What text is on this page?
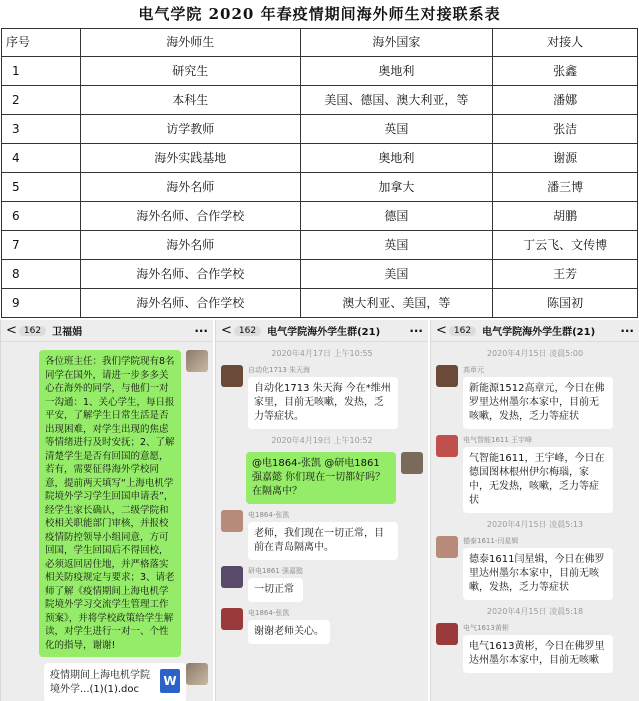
电气学院 2020 年春疫情期间海外师生对接联系表
序号	海外师生	海外国家	对接人
1	研究生	奥地利	张鑫
2	本科生	美国、德国、澳大利亚，等	潘娜
3	访学教师	英国	张洁
4	海外实践基地	奥地利	谢源
5	海外名师	加拿大	潘三博
6	海外名师、合作学校	德国	胡鹏
7	海外名师	英国	丁云飞、文传博
8	海外名师、合作学校	美国	王芳
9	海外名师、合作学校	澳大利亚、美国，等	陈国初
< 162	卫福娟	···
各位班主任：我们学院现有8名同学在国外，请进一步多多关心在海外的同学，与他们一对一沟通：1、关心学生，每日报平安，了解学生日常生活是否出现困难，对学生出现的焦虑等情绪进行及时安抚；2、了解清楚学生是否有回国的意愿，若有，需要征得海外学校同意，提前两天填写“上海电机学院境外学习学生回国申请表”，经学生家长确认，二级学院和校相关职能部门审核，并报校疫情防控领导小组同意，方可回国，学生回国后不得回校，必须返回居住地，并严格落实相关防疫规定与要求；3、请老师了解《疫情期间上海电机学院境外学习交流学生管理工作预案》，并将学校政策给学生解读，对学生进行一对一、个性化的指导，谢谢!
疫情期间上海电机学院境外学...(1)(1).doc
W
< 162	电气学院海外学生群(21)	···
2020年4月17日 上午10:55
自动化1713 朱天海
自动化1713 朱天海 今在*维州家里，目前无咳嗽，发热，乏力等症状。
2020年4月19日 上午10:52
@电1864-张凯 @研电1861 强嘉懿 你们现在一切都好吗？在隔离中？
电1864-张凯
老师，我们现在一切正常，目前在青岛隔离中。
研电1861 强嘉懿
一切正常
电1864-张凯
谢谢老师关心。
< 162	电气学院海外学生群(21)	···
2020年4月15日 凌晨5:00
高章元
新能源1512高章元，今日在佛罗里达州墨尔本家中，目前无咳嗽，发热，乏力等症状
电气智能1611 王宇峰
气智能1611，王宇峰，今日在德国图林根州伊尔梅瑙，家中，无发热，咳嗽，乏力等症状
2020年4月15日 凌晨5:13
德泰1611-闫星辑
德泰1611闫星辑，今日在佛罗里达州墨尔本家中，目前无咳嗽，发热，乏力等症状
2020年4月15日 凌晨5:18
电气1613黄彬
电气1613黄彬，今日在佛罗里达州墨尔本家中，目前无咳嗽
